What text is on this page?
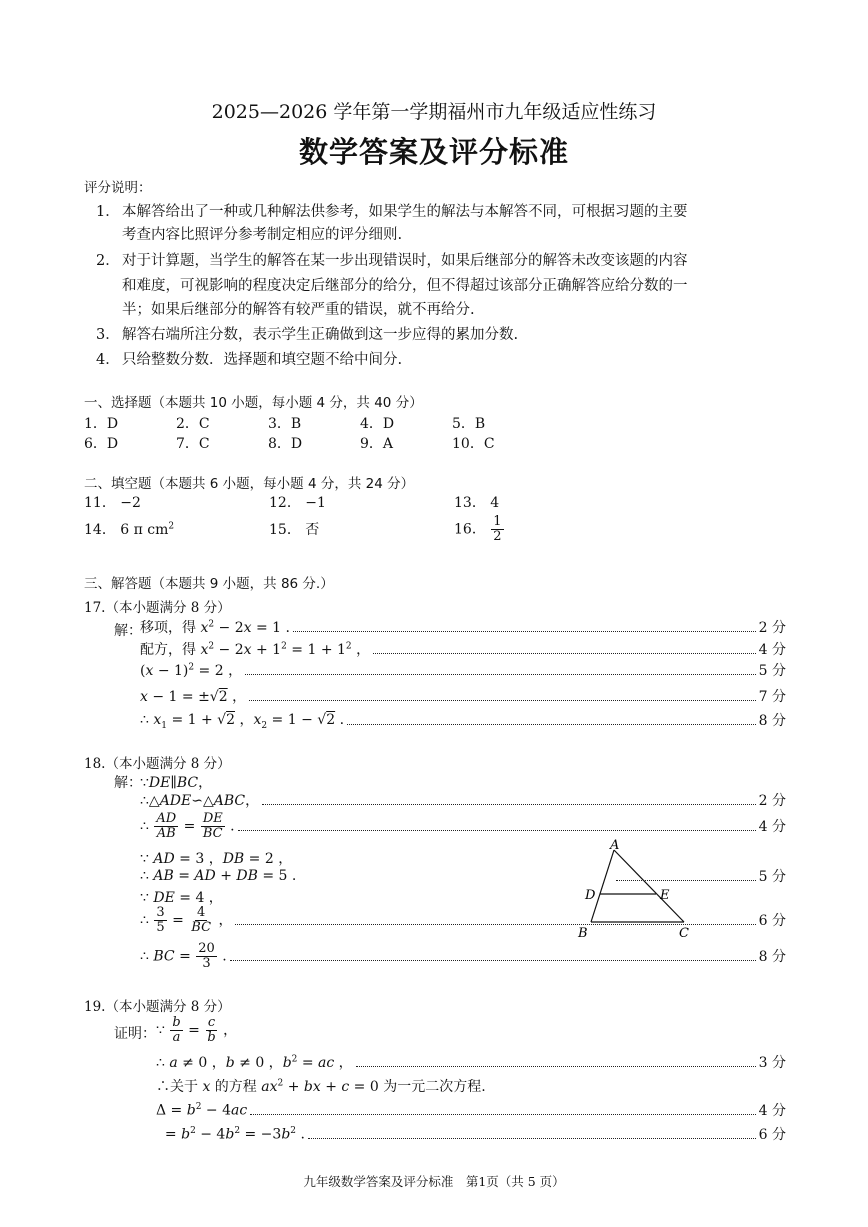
2025—2026 学年第一学期福州市九年级适应性练习
数学答案及评分标准
评分说明：
1． 本解答给出了一种或几种解法供参考，如果学生的解法与本解答不同，可根据习题的主要
考查内容比照评分参考制定相应的评分细则.
2． 对于计算题，当学生的解答在某一步出现错误时，如果后继部分的解答未改变该题的内容
和难度，可视影响的程度决定后继部分的给分，但不得超过该部分正确解答应给分数的一
半；如果后继部分的解答有较严重的错误，就不再给分.
3． 解答右端所注分数，表示学生正确做到这一步应得的累加分数.
4． 只给整数分数．选择题和填空题不给中间分.
一、选择题（本题共 10 小题，每小题 4 分，共 40 分）
1．D	2．C	3．B	4．D	5．B
6．D	7．C	8．D	9．A	10．C
二、填空题（本题共 6 小题，每小题 4 分，共 24 分）
11． −2	12． −1	13． 4
14． 6 π $cm^2$	15． 否	16． $\frac{1}{2}$
三、解答题（本题共 9 小题，共 86 分.）
17.（本小题满分 8 分）
解：
移项，得 $x^2 - 2x = 1$ .	2 分
配方，得 $x^2 - 2x + 1^2 = 1 + 1^2$ ，	4 分
$(x - 1)^2 = 2$ ，	5 分
x − 1 = ±√2 ，	7 分
∴ $x_1 = 1 + √2$ ，$x_2 = 1 - √2$ .	8 分
18.（本小题满分 8 分）
解：
∵DE∥BC，
∴△ADE∽△ABC，	2 分
∴ $\frac{AD}{AB} = \frac{DE}{BC}$ .	4 分
∵ AD = 3 ，DB = 2 ，
∴ AB = AD + DB = 5 .	5 分
∵ DE = 4 ，
∴ $\frac{3}{5} = \frac{4}{BC}$ ，	6 分
∴ BC = $\frac{20}{3}$ .	8 分
A
D	E
B	C
19.（本小题满分 8 分）
证明： ∵ $\frac{b}{a} = \frac{c}{b}$ ，
∴ a ≠ 0 ，b ≠ 0 ，$b^2$ = ac ，	3 分
∴关于 x 的方程 $ax^2$ + bx + c = 0 为一元二次方程.
$\Delta = b^2 - 4ac$	4 分
= $b^2 - 4b^2 = -3b^2$ .	6 分
九年级数学答案及评分标准　第1页（共 5 页）
